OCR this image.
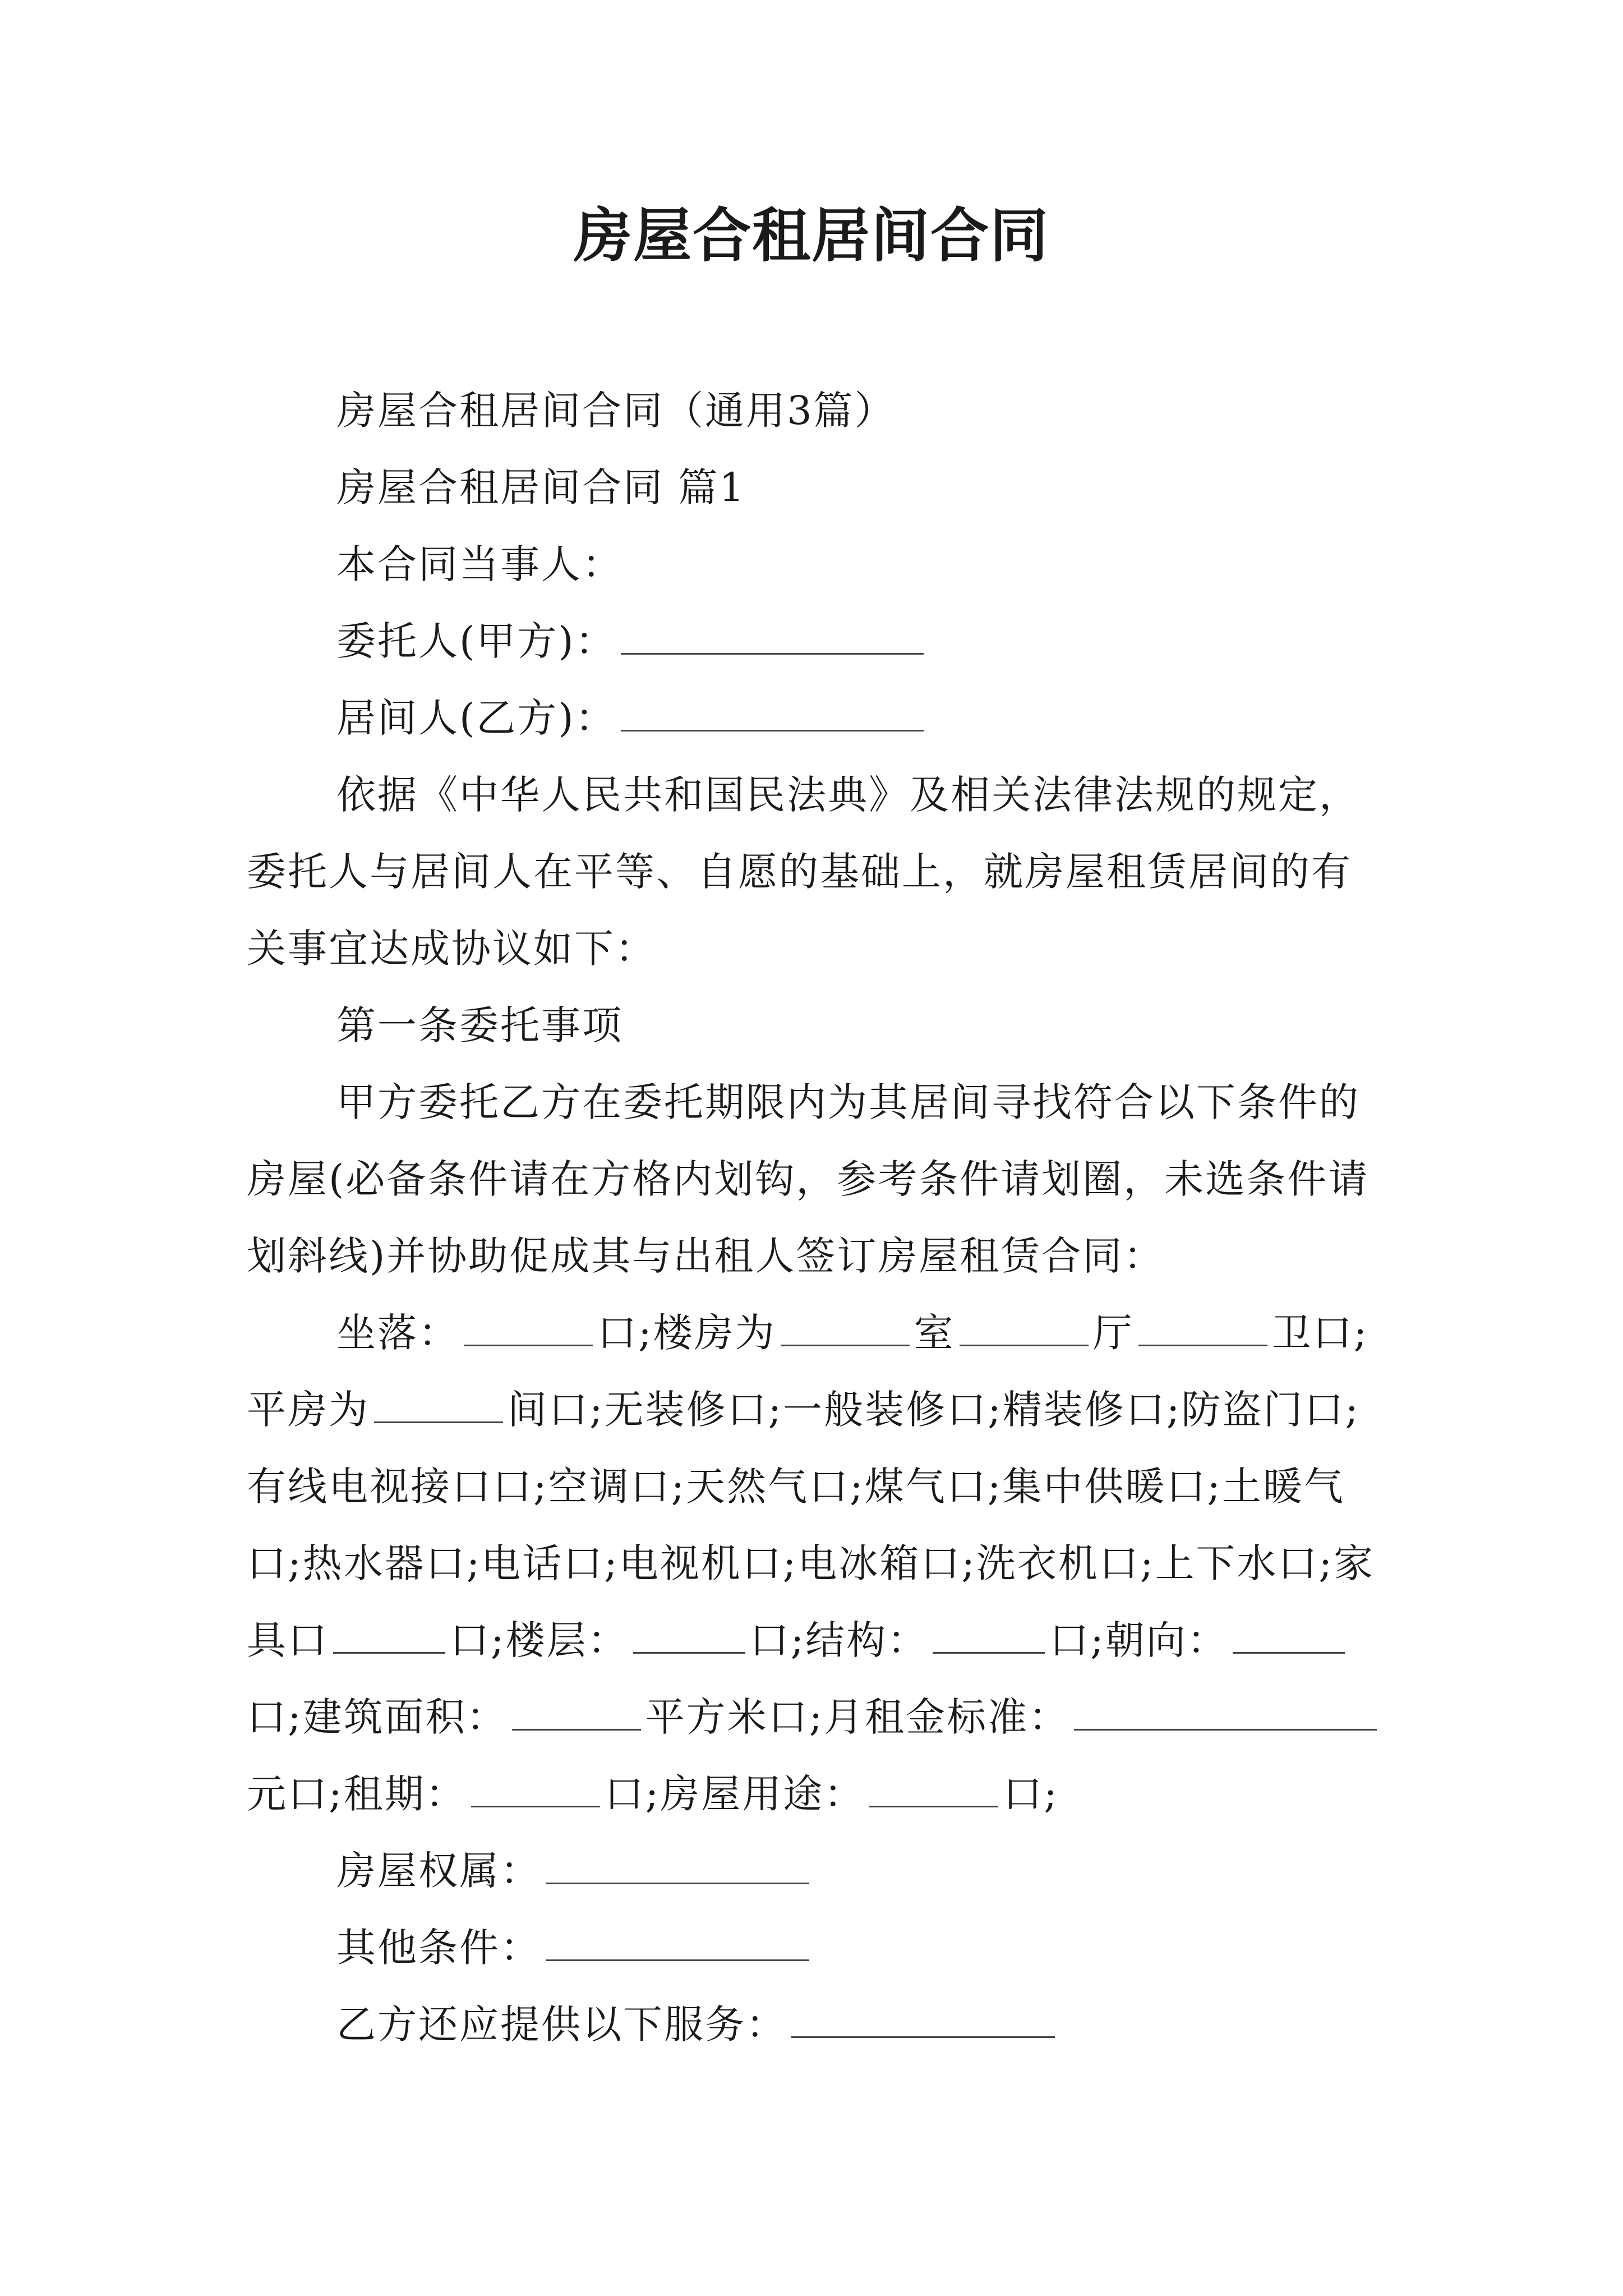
房屋合租居间合同

房屋合租居间合同（通用3篇）

房屋合租居间合同 篇1

本合同当事人：

委托人(甲方)：

居间人(乙方)：

依据《中华人民共和国民法典》及相关法律法规的规定，委托人与居间人在平等、自愿的基础上，就房屋租赁居间的有关事宜达成协议如下：

第一条委托事项

甲方委托乙方在委托期限内为其居间寻找符合以下条件的房屋(必备条件请在方格内划钩，参考条件请划圈，未选条件请划斜线)并协助促成其与出租人签订房屋租赁合同：

坐落：	口;楼房为	室	厅	卫口;平房为	间口;无装修口;一般装修口;精装修口;防盗门口;有线电视接口口;空调口;天然气口;煤气口;集中供暖口;土暖气口;热水器口;电话口;电视机口;电冰箱口;洗衣机口;上下水口;家具口	口;楼层：	口;结构：	口;朝向：口;建筑面积：	平方米口;月租金标准：元口;租期：	口;房屋用途：	口;

房屋权属：

其他条件：

乙方还应提供以下服务：
